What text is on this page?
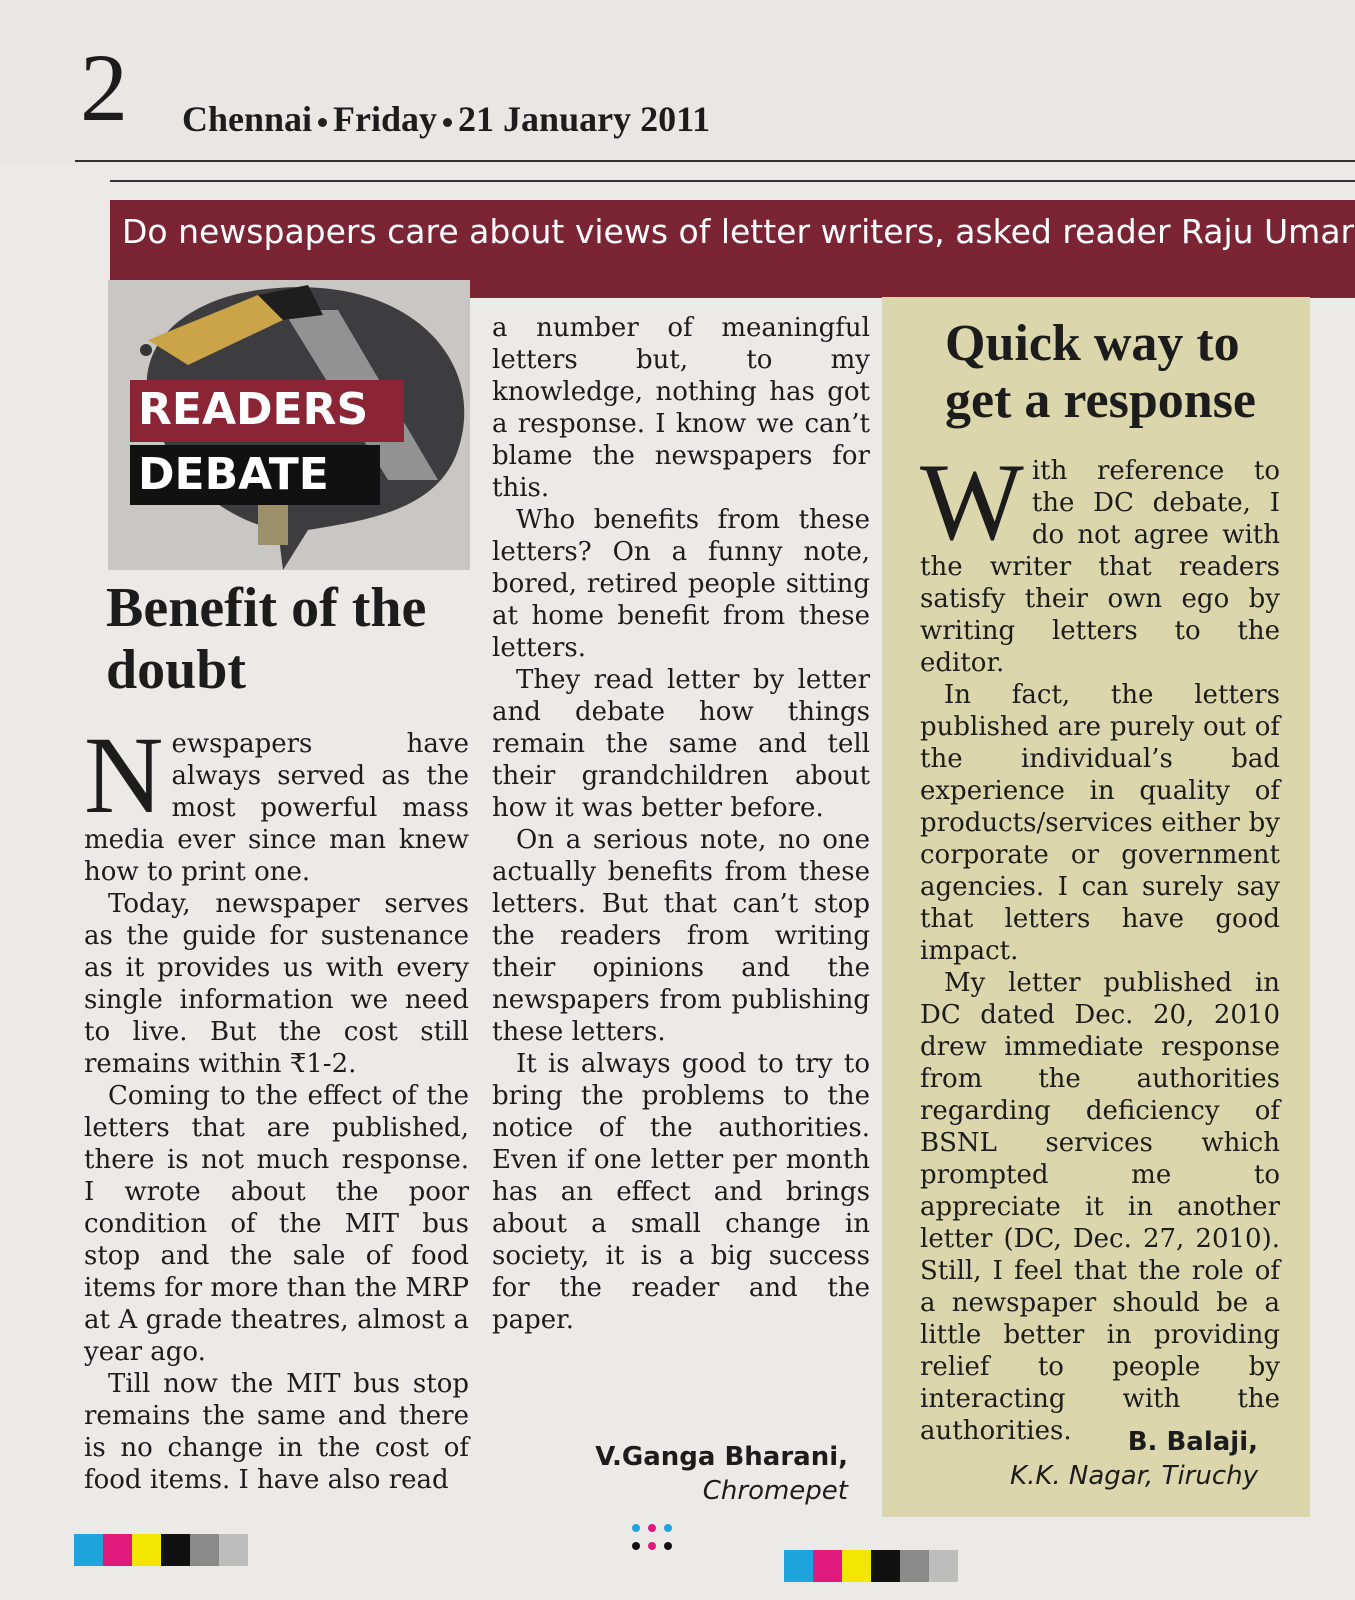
2 Chennai Friday 21 January 2011
Do newspapers care about views of letter writers, asked reader Raju Umar
READERS
DEBATE
Benefit of the doubt

Newspapers have always served as the most powerful mass media ever since man knew how to print one.

Today, newspaper serves as the guide for sustenance as it provides us with every single information we need to live. But the cost still remains within ₹1-2.

Coming to the effect of the letters that are published, there is not much response. I wrote about the poor condition of the MIT bus stop and the sale of food items for more than the MRP at A grade theatres, almost a year ago.

Till now the MIT bus stop remains the same and there is no change in the cost of food items. I have also read

a number of meaningful letters but, to my knowledge, nothing has got a response. I know we can’t blame the newspapers for this.

Who benefits from these letters? On a funny note, bored, retired people sitting at home benefit from these letters.

They read letter by letter and debate how things remain the same and tell their grandchildren about how it was better before.

On a serious note, no one actually benefits from these letters. But that can’t stop the readers from writing their opinions and the newspapers from publishing these letters.

It is always good to try to bring the problems to the notice of the authorities. Even if one letter per month has an effect and brings about a small change in society, it is a big success for the reader and the paper.

V.Ganga Bharani,
Chromepet
Quick way to get a response

With reference to the DC debate, I do not agree with the writer that readers satisfy their own ego by writing letters to the editor.

In fact, the letters published are purely out of the individual’s bad experience in quality of products/services either by corporate or government agencies. I can surely say that letters have good impact.

My letter published in DC dated Dec. 20, 2010 drew immediate response from the authorities regarding deficiency of BSNL services which prompted me to appreciate it in another letter (DC, Dec. 27, 2010). Still, I feel that the role of a newspaper should be a little better in providing relief to people by interacting with the authorities.	B. Balaji,
K.K. Nagar, Tiruchy
